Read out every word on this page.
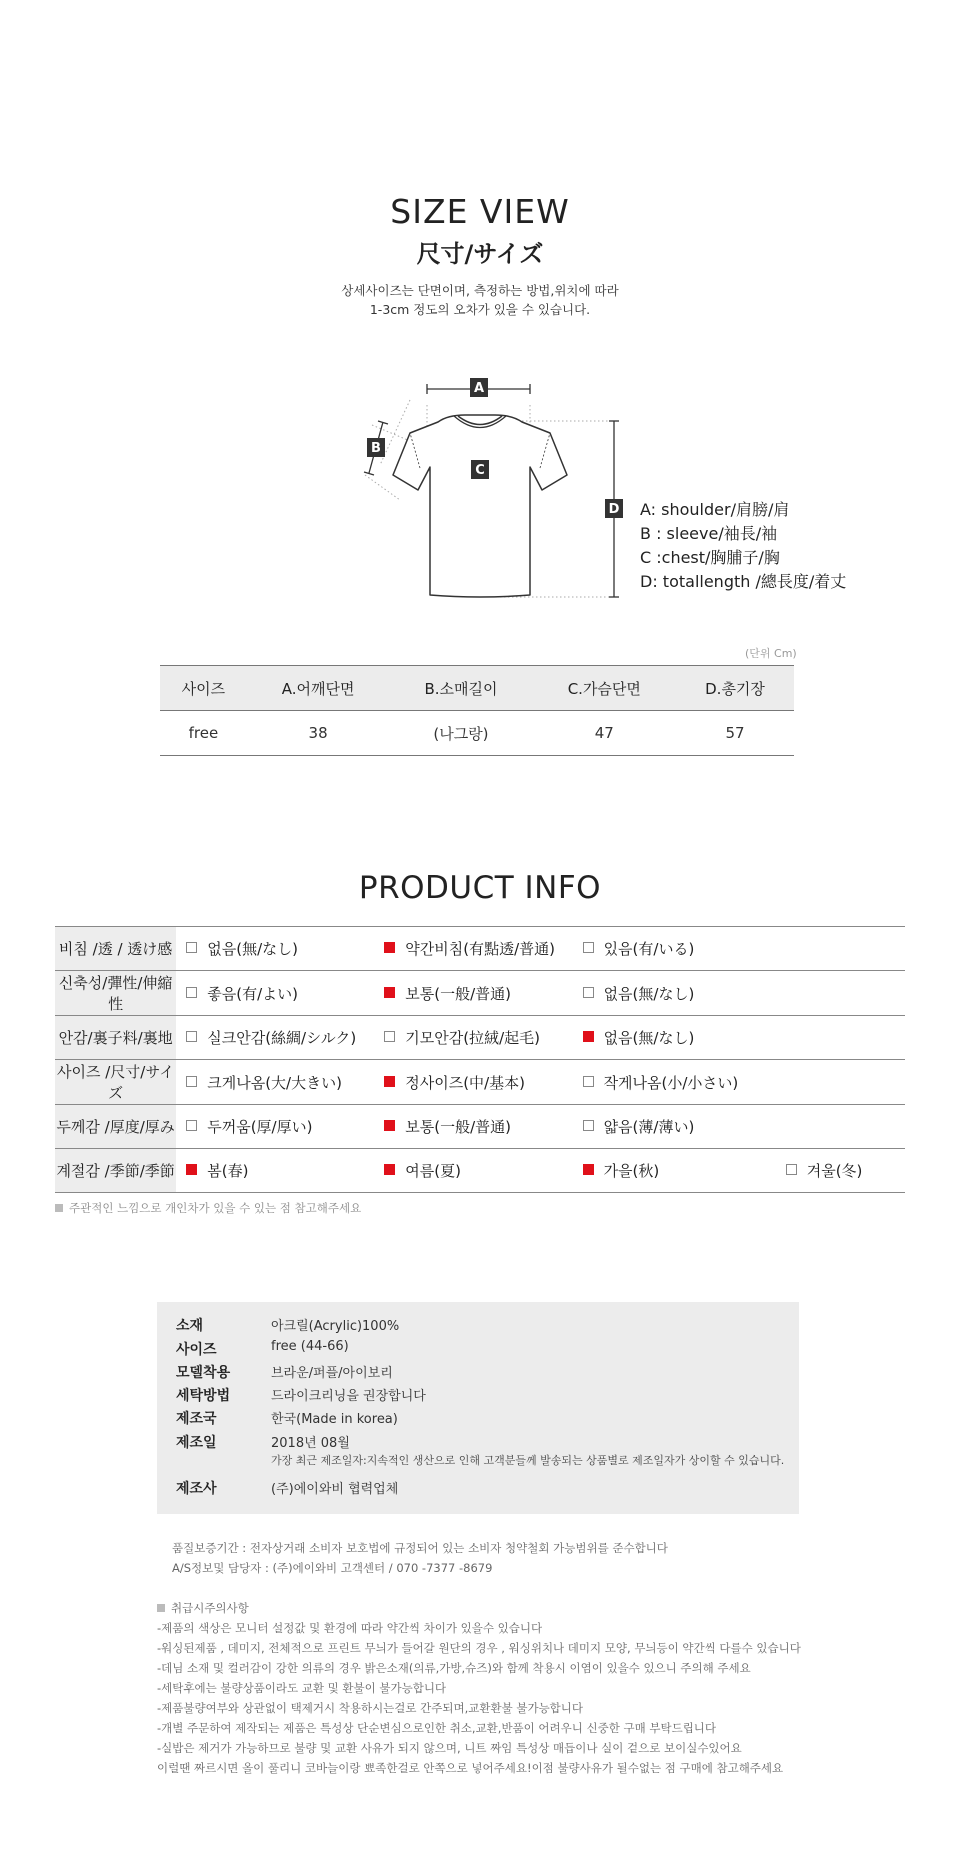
SIZE VIEW
尺寸/サイズ
상세사이즈는 단면이며, 측정하는 방법,위치에 따라
1-3cm 정도의 오차가 있을 수 있습니다.
A
B
C
D A: shoulder/肩膀/肩
B : sleeve/袖長/袖
C :chest/胸脯子/胸
D: totallength /總長度/着丈
(단위 Cm)
사이즈	A.어깨단면	B.소매길이	C.가슴단면	D.총기장
free	38	(나그랑)	47	57
PRODUCT INFO
비침 /透 / 透け感	없음(無/なし)	약간비침(有點透/普通)	있음(有/いる)	
신축성/彈性/伸縮性	좋음(有/よい)	보통(一般/普通)	없음(無/なし)	
안감/裏子料/裏地	실크안감(絲綢/シルク)	기모안감(拉絨/起毛)	없음(無/なし)	
사이즈 /尺寸/サイズ	크게나옴(大/大きい)	정사이즈(中/基本)	작게나옴(小/小さい)	
두께감 /厚度/厚み	두꺼움(厚/厚い)	보통(一般/普通)	얇음(薄/薄い)	
계절감 /季節/季節	봄(春)	여름(夏)	가을(秋)	겨울(冬)
주관적인 느낌으로 개인차가 있을 수 있는 점 참고해주세요
소재	아크릴(Acrylic)100%
사이즈	free (44-66)
모델착용	브라운/퍼플/아이보리
세탁방법	드라이크리닝을 권장합니다
제조국	한국(Made in korea)
제조일	2018년 08월
가장 최근 제조일자:지속적인 생산으로 인해 고객분들께 발송되는 상품별로 제조일자가 상이할 수 있습니다.
제조사	(주)에이와비 협력업체
품질보증기간 : 전자상거래 소비자 보호법에 규정되어 있는 소비자 청약철회 가능범위를 준수합니다
A/S정보및 담당자 : (주)에이와비 고객센터 / 070 -7377 -8679
취급시주의사항
-제품의 색상은 모니터 설정값 및 환경에 따라 약간씩 차이가 있을수 있습니다
-워싱된제품 , 데미지, 전체적으로 프린트 무늬가 들어갈 원단의 경우 , 워싱위치나 데미지 모양, 무늬등이 약간씩 다를수 있습니다
-데님 소재 및 컬러감이 강한 의류의 경우 밝은소재(의류,가방,슈즈)와 함께 착용시 이염이 있을수 있으니 주의해 주세요
-세탁후에는 불량상품이라도 교환 및 환불이 불가능합니다
-제품불량여부와 상관없이 택제거시 착용하시는걸로 간주되며,교환환불 불가능합니다
-개별 주문하여 제작되는 제품은 특성상 단순변심으로인한 취소,교환,반품이 어려우니 신중한 구매 부탁드립니다
-실밥은 제거가 가능하므로 불량 및 교환 사유가 되지 않으며, 니트 짜임 특성상 매듭이나 실이 겉으로 보이실수있어요
이럴땐 짜르시면 올이 풀리니 코바늘이랑 뾰족한걸로 안쪽으로 넣어주세요!이점 불량사유가 될수없는 점 구매에 참고해주세요
